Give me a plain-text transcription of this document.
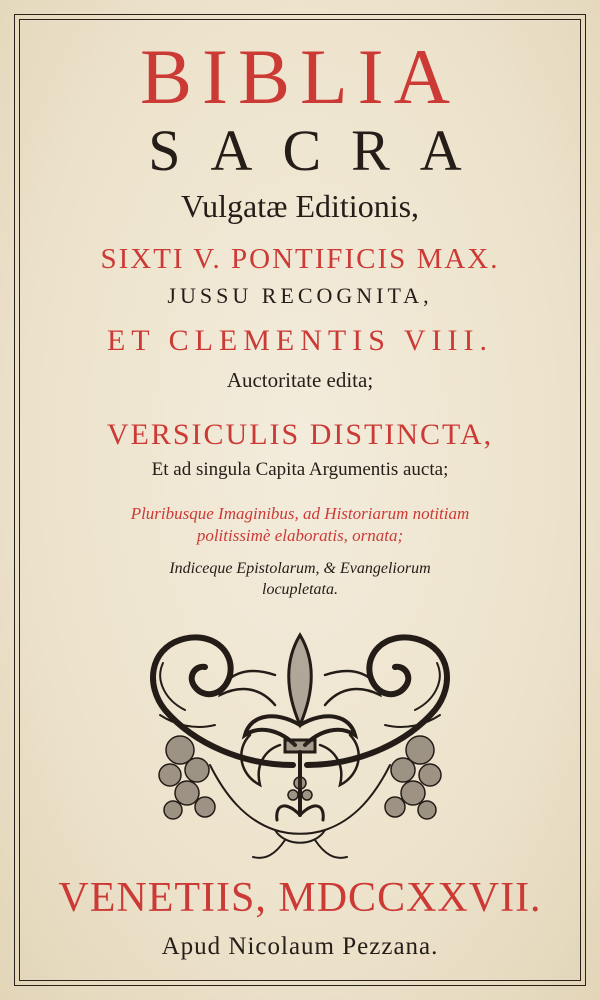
BIBLIA
SACRA
Vulgatæ Editionis,
SIXTI V. PONTIFICIS MAX.
JUSSU RECOGNITA,
ET CLEMENTIS VIII.
Auctoritate edita;
VERSICULIS DISTINCTA,
Et ad singula Capita Argumentis aucta;
Pluribusque Imaginibus, ad Historiarum notitiam
politissimè elaboratis, ornata;
Indiceque Epistolarum, & Evangeliorum
locupletata.
VENETIIS, MDCCXXVII.
Apud Nicolaum Pezzana.
